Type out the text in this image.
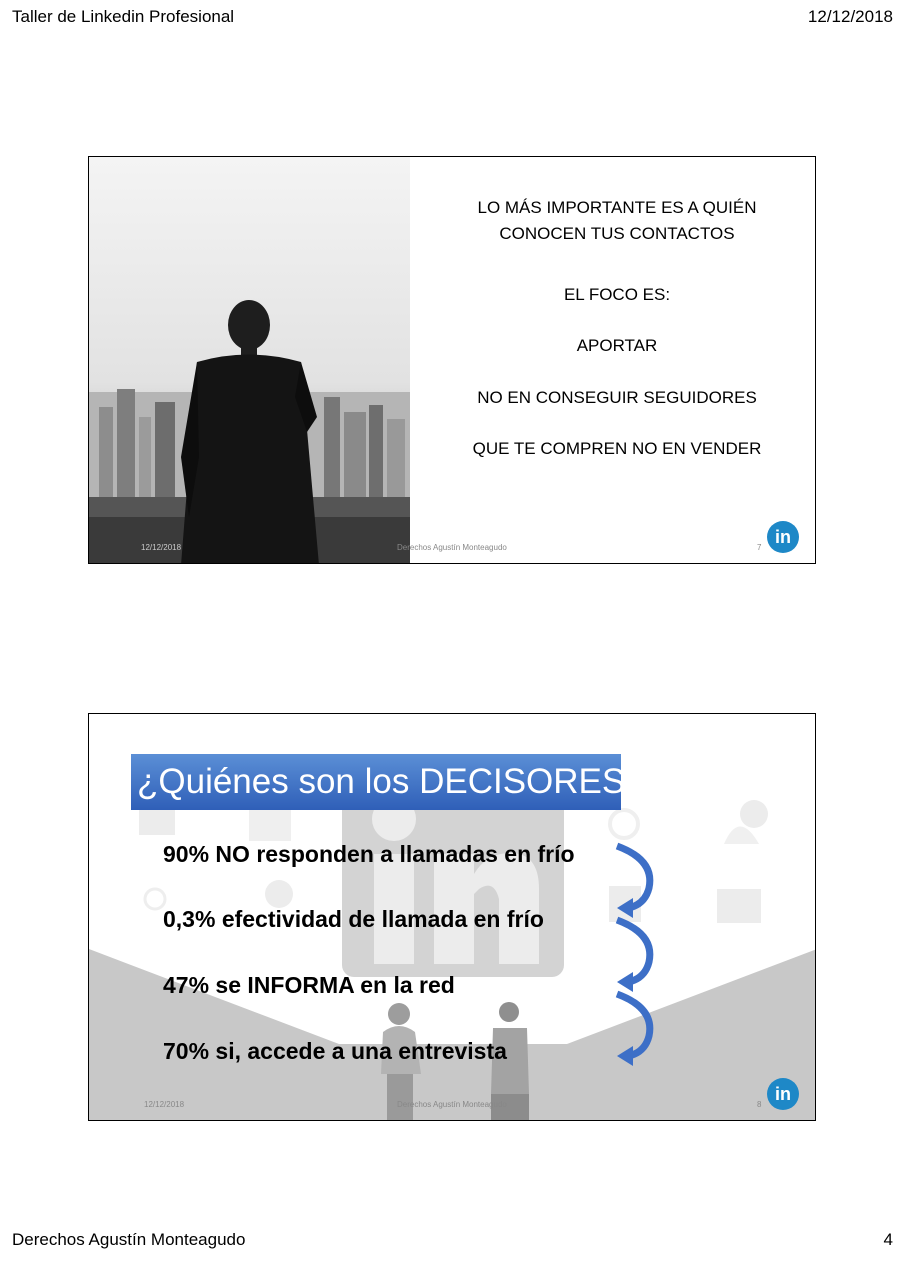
Taller de Linkedin Profesional	12/12/2018
LO MÁS IMPORTANTE ES A QUIÉN
CONOCEN TUS CONTACTOS
EL FOCO ES:
APORTAR
NO EN CONSEGUIR SEGUIDORES
QUE TE COMPREN NO EN VENDER
12/12/2018	Derechos Agustín Monteagudo	7
in
¿Quiénes son los DECISORES
90% NO responden a llamadas en frío
0,3% efectividad de llamada en frío
47% se INFORMA en la red
70% si, accede a una entrevista
12/12/2018	Derechos Agustín Monteagudo	8
in
Derechos Agustín Monteagudo	4
